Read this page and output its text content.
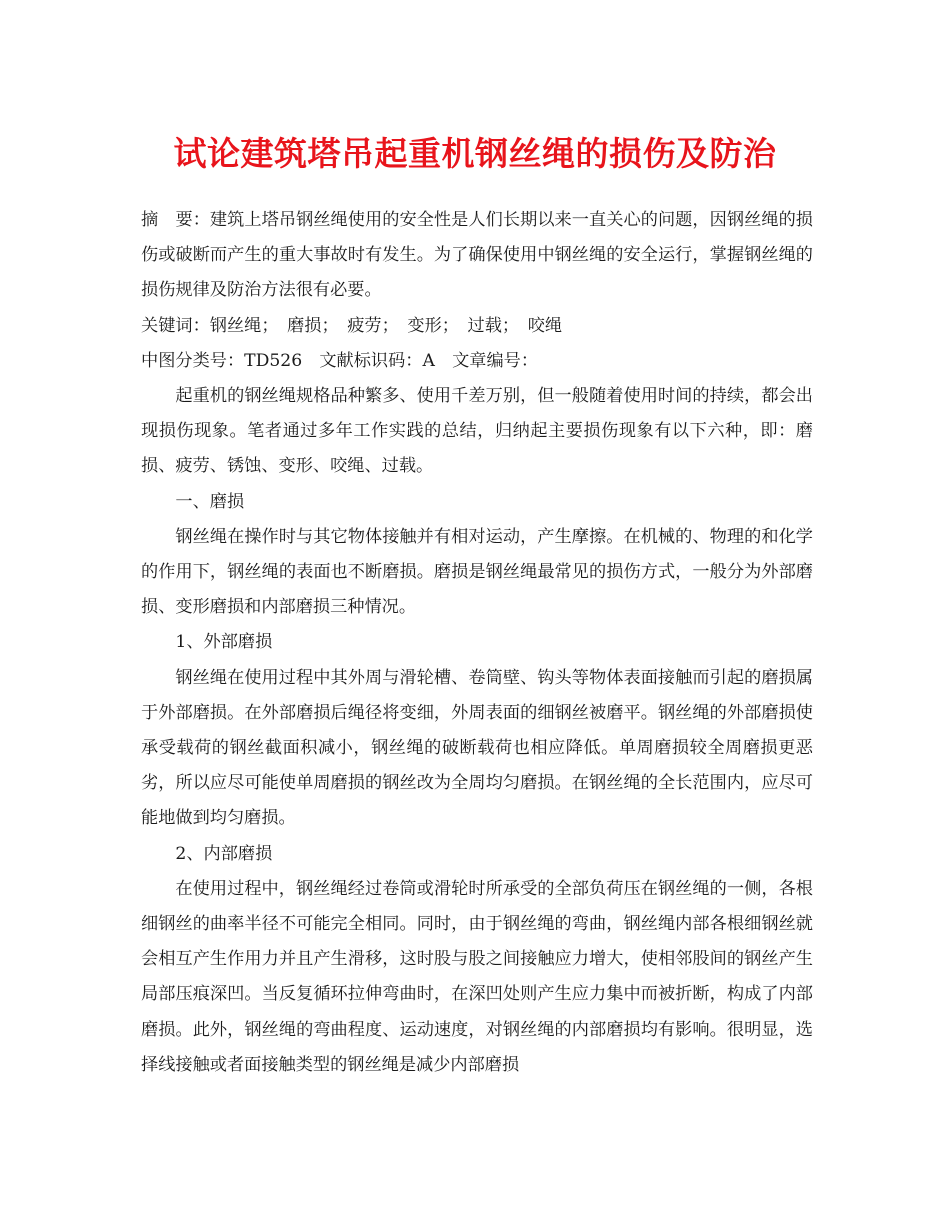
试论建筑塔吊起重机钢丝绳的损伤及防治

摘　要：建筑上塔吊钢丝绳使用的安全性是人们长期以来一直关心的问题，因钢丝绳的损伤或破断而产生的重大事故时有发生。为了确保使用中钢丝绳的安全运行，掌握钢丝绳的损伤规律及防治方法很有必要。

关键词：钢丝绳；　磨损；　疲劳；　变形；　过载；　咬绳

中图分类号：TD526　文献标识码：A　文章编号：

起重机的钢丝绳规格品种繁多、使用千差万别，但一般随着使用时间的持续，都会出现损伤现象。笔者通过多年工作实践的总结，归纳起主要损伤现象有以下六种，即：磨损、疲劳、锈蚀、变形、咬绳、过载。

一、磨损

钢丝绳在操作时与其它物体接触并有相对运动，产生摩擦。在机械的、物理的和化学的作用下，钢丝绳的表面也不断磨损。磨损是钢丝绳最常见的损伤方式，一般分为外部磨损、变形磨损和内部磨损三种情况。

1、外部磨损

钢丝绳在使用过程中其外周与滑轮槽、卷筒壁、钩头等物体表面接触而引起的磨损属于外部磨损。在外部磨损后绳径将变细，外周表面的细钢丝被磨平。钢丝绳的外部磨损使承受载荷的钢丝截面积减小，钢丝绳的破断载荷也相应降低。单周磨损较全周磨损更恶劣，所以应尽可能使单周磨损的钢丝改为全周均匀磨损。在钢丝绳的全长范围内，应尽可能地做到均匀磨损。

2、内部磨损

在使用过程中，钢丝绳经过卷筒或滑轮时所承受的全部负荷压在钢丝绳的一侧，各根细钢丝的曲率半径不可能完全相同。同时，由于钢丝绳的弯曲，钢丝绳内部各根细钢丝就会相互产生作用力并且产生滑移，这时股与股之间接触应力增大，使相邻股间的钢丝产生局部压痕深凹。当反复循环拉伸弯曲时，在深凹处则产生应力集中而被折断，构成了内部磨损。此外，钢丝绳的弯曲程度、运动速度，对钢丝绳的内部磨损均有影响。很明显，选择线接触或者面接触类型的钢丝绳是减少内部磨损
